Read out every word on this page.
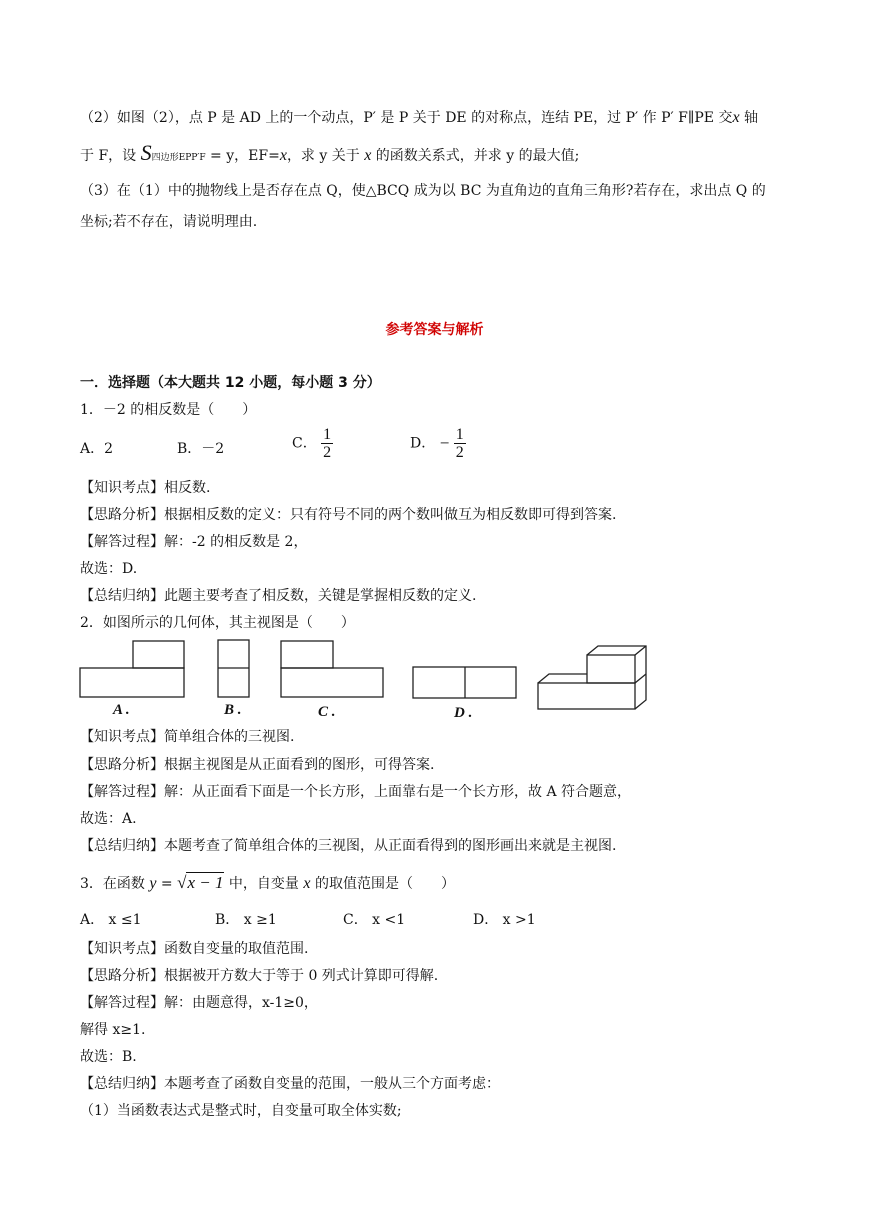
（2）如图（2），点 P 是 AD 上的一个动点，P′ 是 P 关于 DE 的对称点，连结 PE，过 P′ 作 P′ F∥PE 交x 轴
于 F，设 S四边形EPP′F = y，EF=x，求 y 关于 x 的函数关系式，并求 y 的最大值;
（3）在（1）中的抛物线上是否存在点 Q，使△BCQ 成为以 BC 为直角边的直角三角形?若存在，求出点 Q 的
坐标;若不存在，请说明理由.
参考答案与解析
一．选择题（本大题共 12 小题，每小题 3 分）
1．－2 的相反数是（　　）
A．2	B．－2	C． $\frac{1}{2}$	D． − $\frac{1}{2}$
【知识考点】相反数.
【思路分析】根据相反数的定义：只有符号不同的两个数叫做互为相反数即可得到答案.
【解答过程】解：-2 的相反数是 2，
故选：D.
【总结归纳】此题主要考查了相反数，关键是掌握相反数的定义.
2．如图所示的几何体，其主视图是（　　）
A .	B .	C .	D .
【知识考点】简单组合体的三视图.
【思路分析】根据主视图是从正面看到的图形，可得答案.
【解答过程】解：从正面看下面是一个长方形，上面靠右是一个长方形，故 A 符合题意，
故选：A.
【总结归纳】本题考查了简单组合体的三视图，从正面看得到的图形画出来就是主视图.
3．在函数 y = √x − 1 中，自变量 x 的取值范围是（　　）
A． x ≤1	B． x ≥1	C． x <1	D． x >1
【知识考点】函数自变量的取值范围.
【思路分析】根据被开方数大于等于 0 列式计算即可得解.
【解答过程】解：由题意得，x-1≥0，
解得 x≥1.
故选：B.
【总结归纳】本题考查了函数自变量的范围，一般从三个方面考虑：
（1）当函数表达式是整式时，自变量可取全体实数;
